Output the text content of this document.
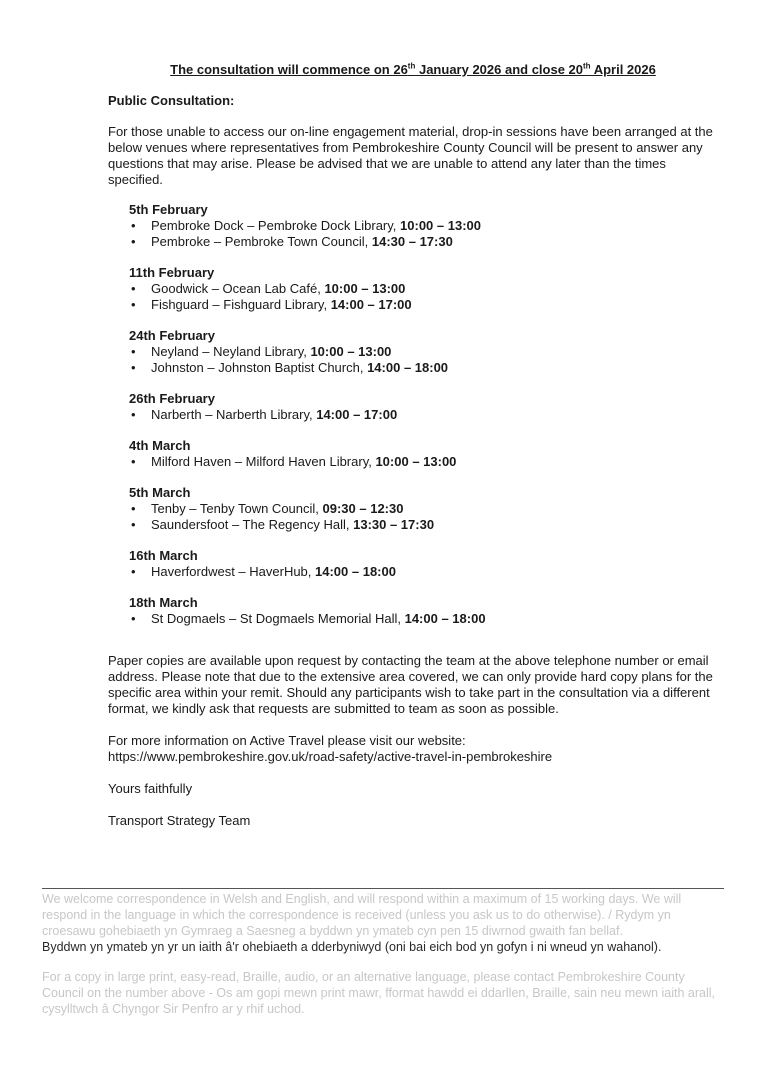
The consultation will commence on 26th January 2026 and close 20th April 2026
Public Consultation:

For those unable to access our on-line engagement material, drop-in sessions have been arranged at the below venues where representatives from Pembrokeshire County Council will be present to answer any questions that may arise. Please be advised that we are unable to attend any later than the times specified.

5th February
• Pembroke Dock – Pembroke Dock Library, 10:00 – 13:00
• Pembroke – Pembroke Town Council, 14:30 – 17:30
11th February
• Goodwick – Ocean Lab Café, 10:00 – 13:00
• Fishguard – Fishguard Library, 14:00 – 17:00
24th February
• Neyland – Neyland Library, 10:00 – 13:00
• Johnston – Johnston Baptist Church, 14:00 – 18:00
26th February
• Narberth – Narberth Library, 14:00 – 17:00
4th March
• Milford Haven – Milford Haven Library, 10:00 – 13:00
5th March
• Tenby – Tenby Town Council, 09:30 – 12:30
• Saundersfoot – The Regency Hall, 13:30 – 17:30
16th March
• Haverfordwest – HaverHub, 14:00 – 18:00
18th March
• St Dogmaels – St Dogmaels Memorial Hall, 14:00 – 18:00

Paper copies are available upon request by contacting the team at the above telephone number or email address. Please note that due to the extensive area covered, we can only provide hard copy plans for the specific area within your remit. Should any participants wish to take part in the consultation via a different format, we kindly ask that requests are submitted to team as soon as possible.

For more information on Active Travel please visit our website:
https://www.pembrokeshire.gov.uk/road-safety/active-travel-in-pembrokeshire

Yours faithfully

Transport Strategy Team

We welcome correspondence in Welsh and English, and will respond within a maximum of 15 working days. We will respond in the language in which the correspondence is received (unless you ask us to do otherwise). / Rydym yn croesawu gohebiaeth yn Gymraeg a Saesneg a byddwn yn ymateb cyn pen 15 diwrnod gwaith fan bellaf.
Byddwn yn ymateb yn yr un iaith â'r ohebiaeth a dderbyniwyd (oni bai eich bod yn gofyn i ni wneud yn wahanol).
For a copy in large print, easy-read, Braille, audio, or an alternative language, please contact Pembrokeshire County Council on the number above - Os am gopi mewn print mawr, fformat hawdd ei ddarllen, Braille, sain neu mewn iaith arall, cysylltwch â Chyngor Sir Penfro ar y rhif uchod.
